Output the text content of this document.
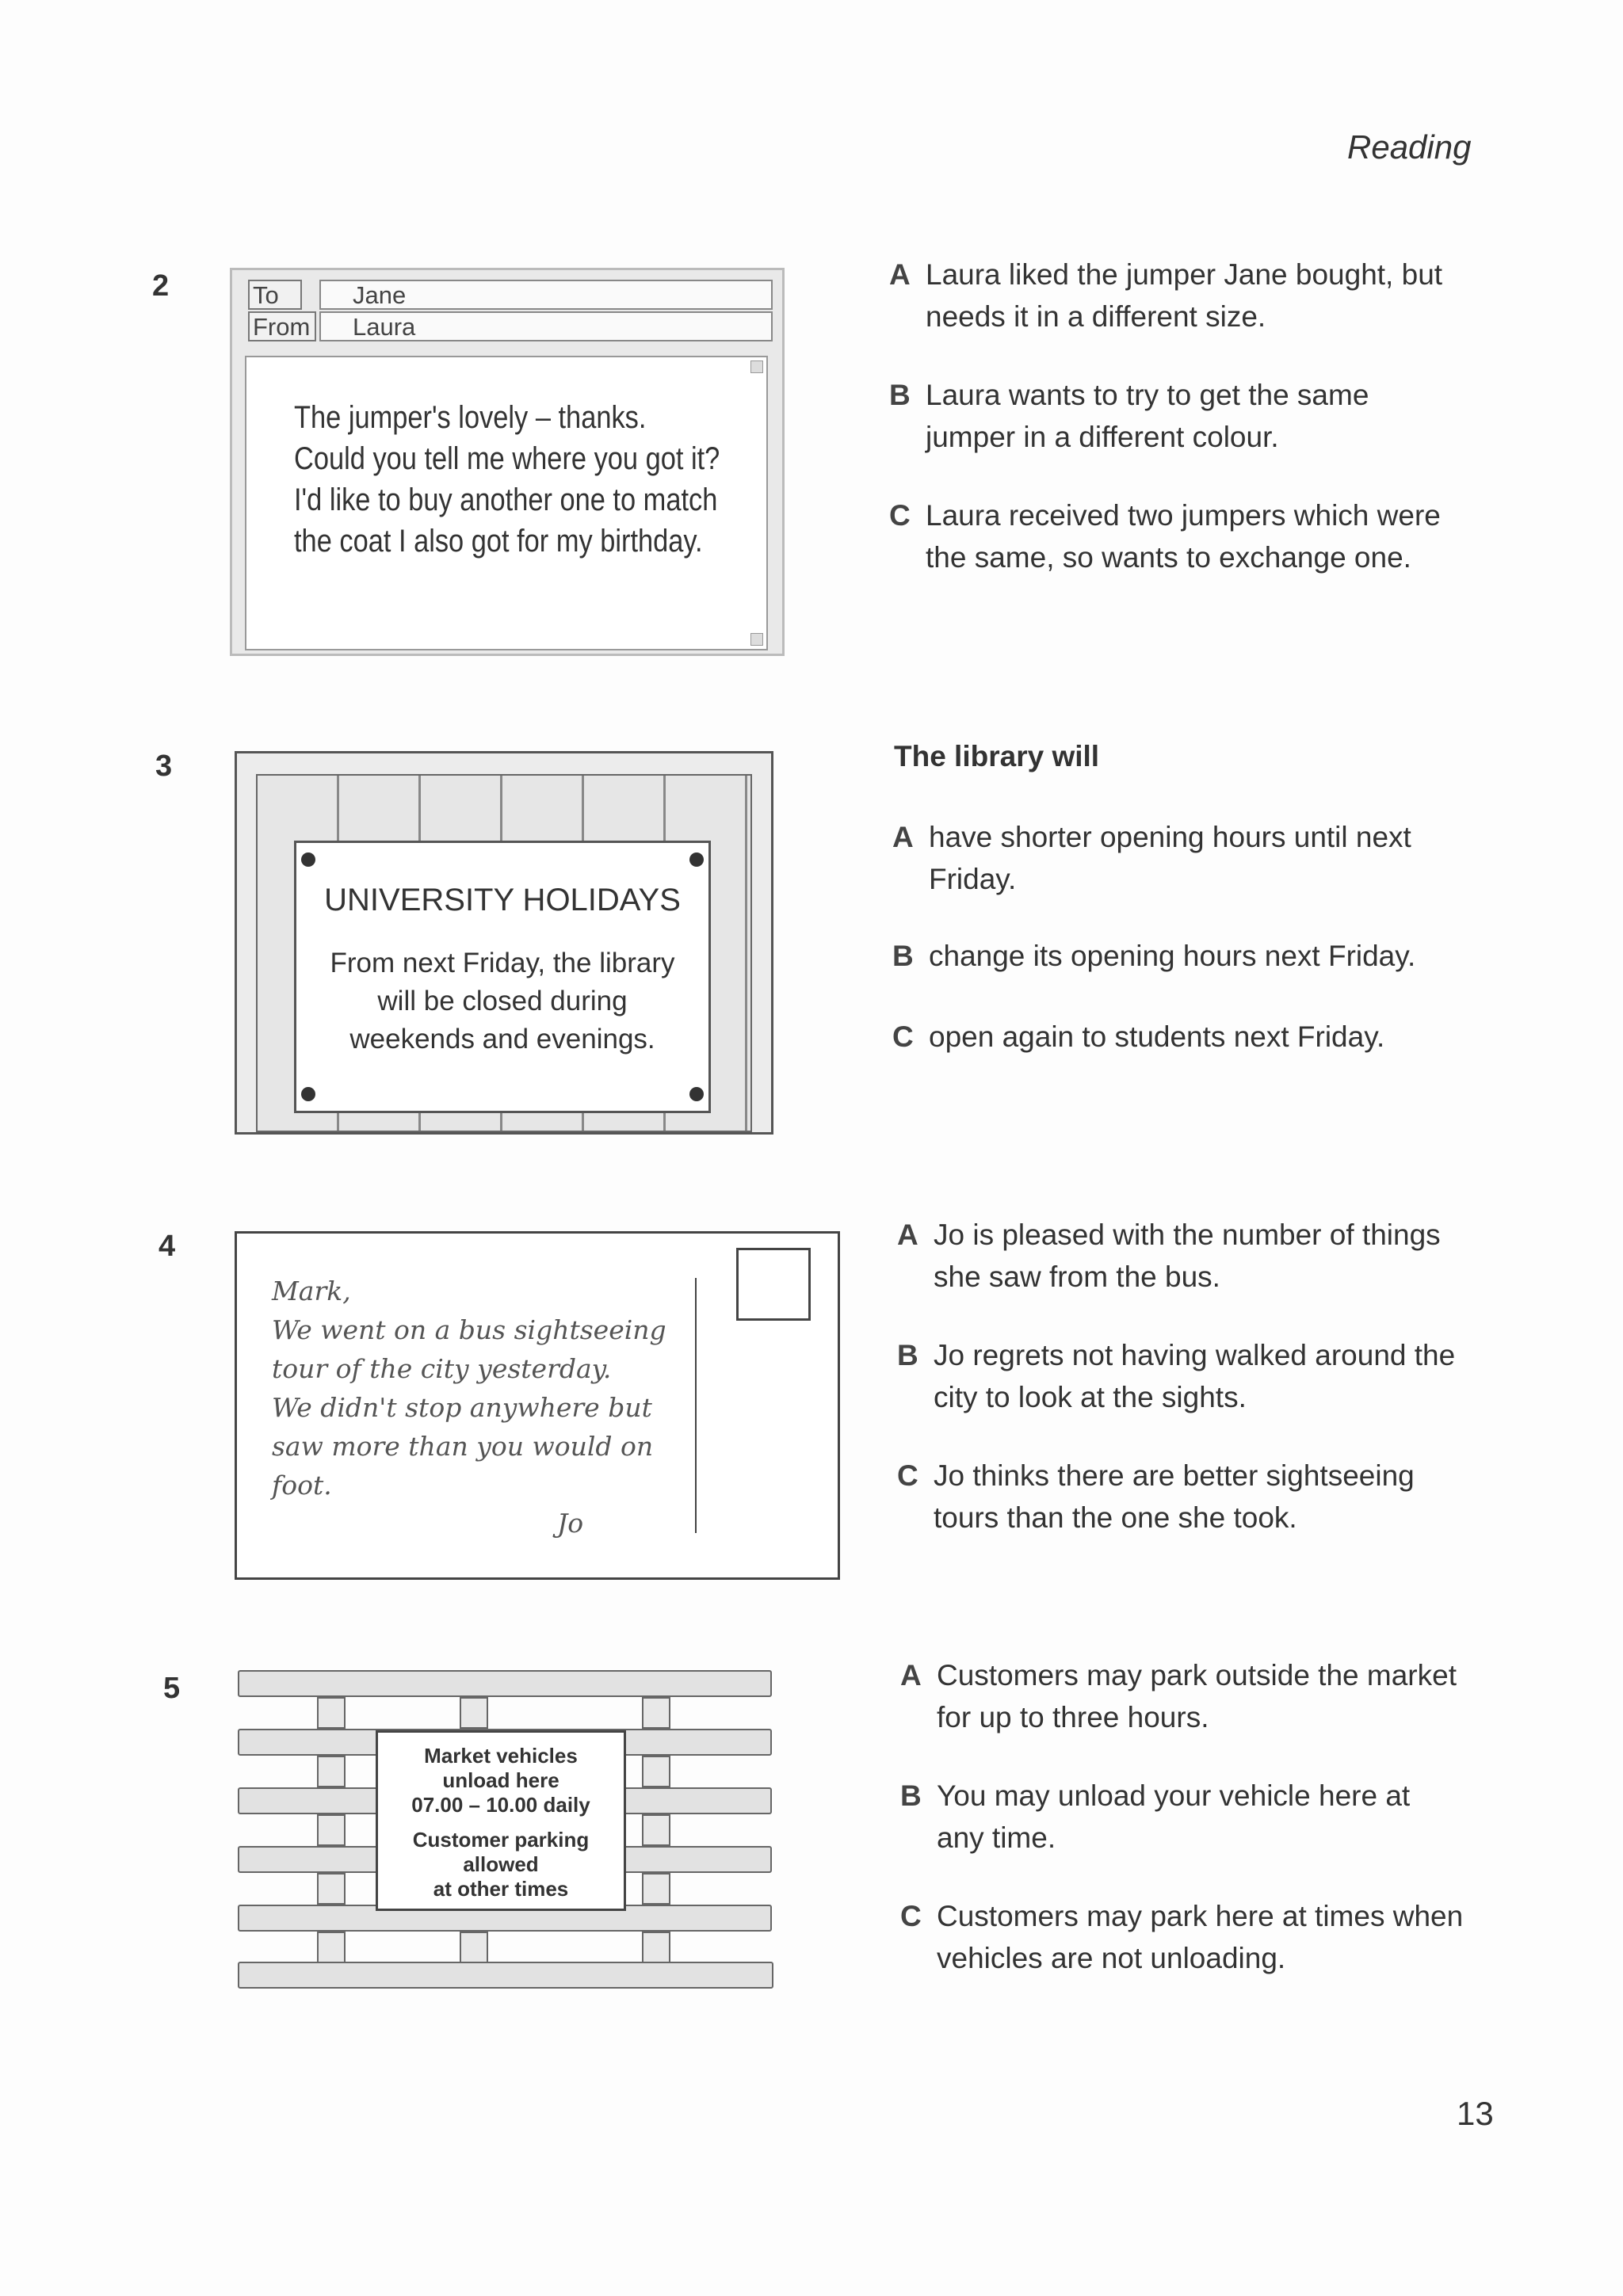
Reading
2	To	Jane
From	Laura
The jumper's lovely – thanks.
Could you tell me where you got it?
I'd like to buy another one to match
the coat I also got for my birthday.
A Laura liked the jumper Jane bought, but
needs it in a different size.
B Laura wants to try to get the same
jumper in a different colour.
C Laura received two jumpers which were
the same, so wants to exchange one.
3
UNIVERSITY HOLIDAYS
From next Friday, the library
will be closed during
weekends and evenings.
The library will
A have shorter opening hours until next
Friday.
B change its opening hours next Friday.
C open again to students next Friday.
4
Mark,
We went on a bus sightseeing
tour of the city yesterday.
We didn't stop anywhere but
saw more than you would on
foot.
Jo
A Jo is pleased with the number of things
she saw from the bus.
B Jo regrets not having walked around the
city to look at the sights.
C Jo thinks there are better sightseeing
tours than the one she took.
5
Market vehicles
unload here
07.00 – 10.00 daily
Customer parking
allowed
at other times
A Customers may park outside the market
for up to three hours.
B You may unload your vehicle here at
any time.
C Customers may park here at times when
vehicles are not unloading.
13
